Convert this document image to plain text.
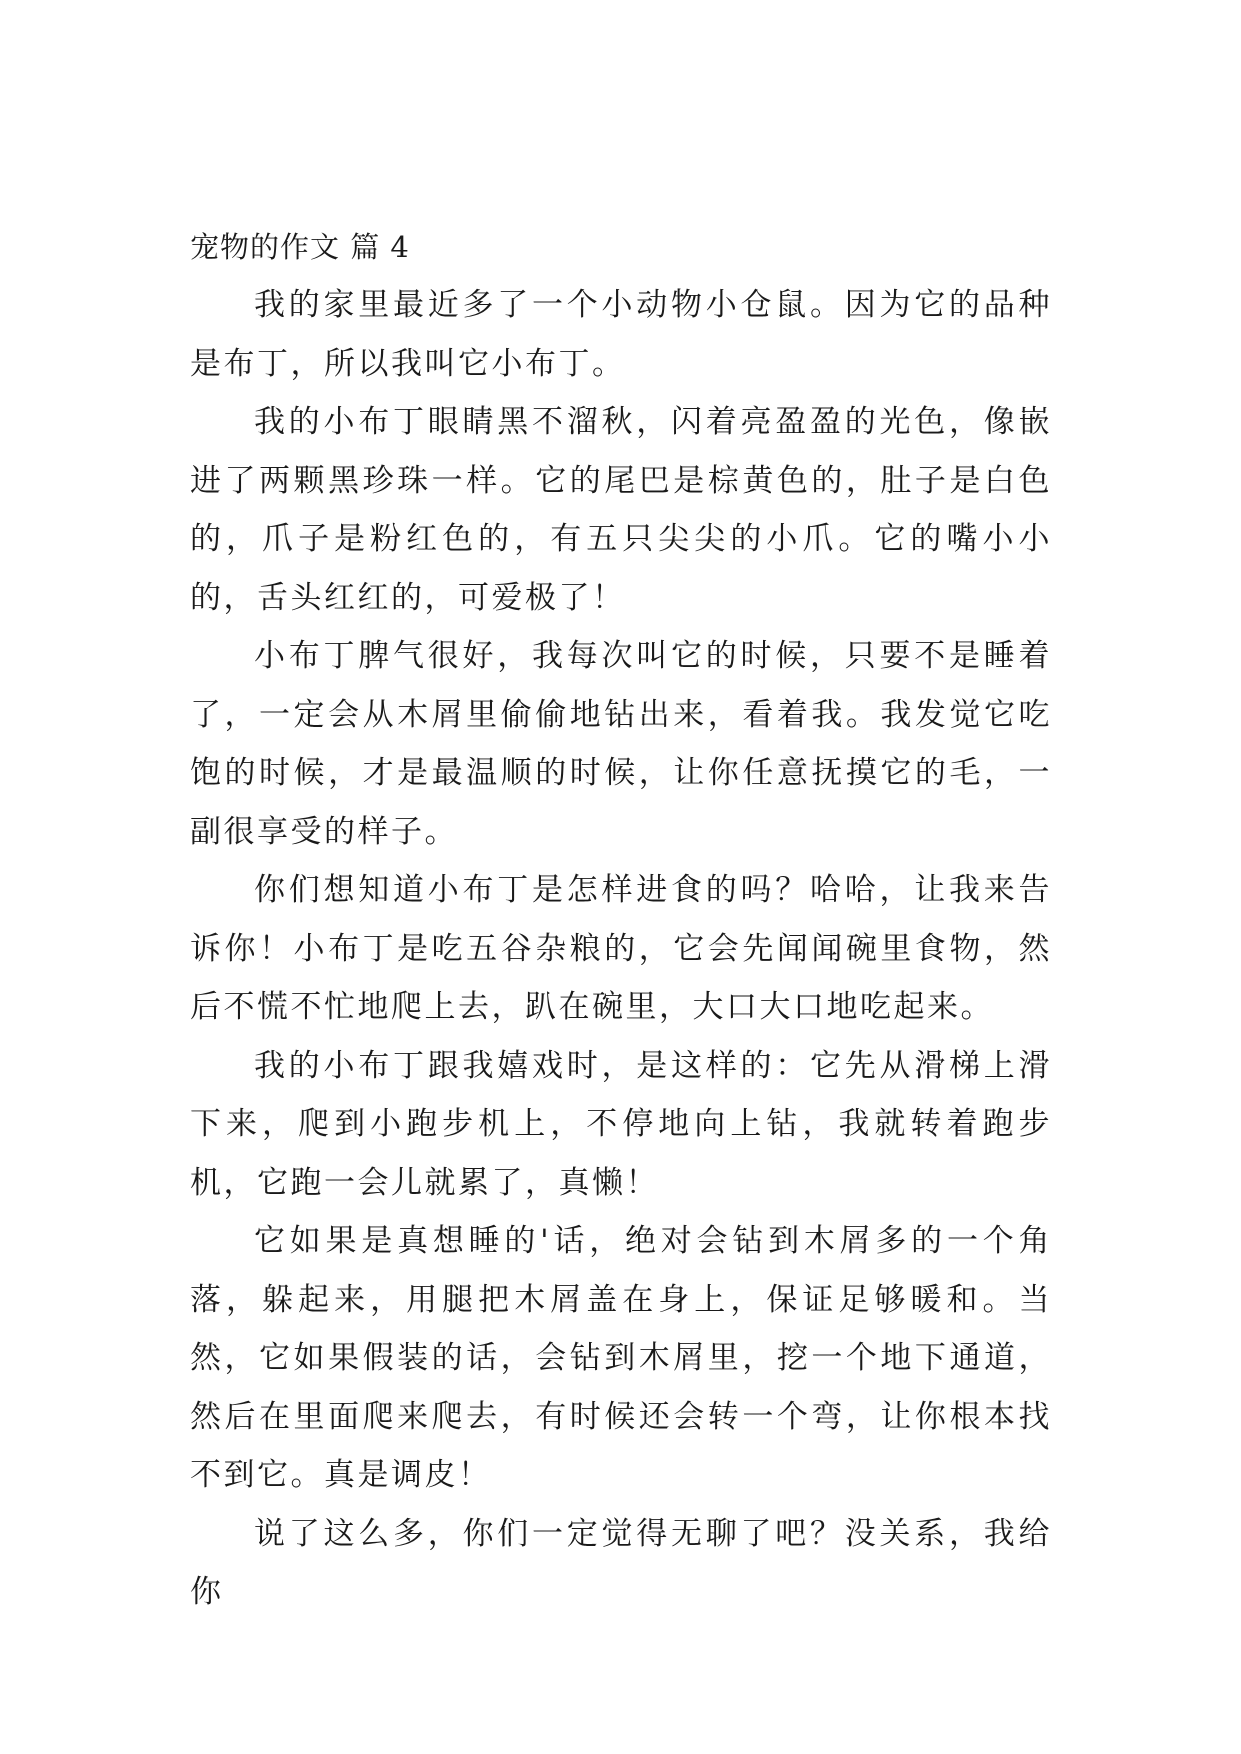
宠物的作文 篇 4

我的家里最近多了一个小动物小仓鼠。因为它的品种是布丁，所以我叫它小布丁。

我的小布丁眼睛黑不溜秋，闪着亮盈盈的光色，像嵌进了两颗黑珍珠一样。它的尾巴是棕黄色的，肚子是白色的，爪子是粉红色的，有五只尖尖的小爪。它的嘴小小的，舌头红红的，可爱极了！

小布丁脾气很好，我每次叫它的时候，只要不是睡着了，一定会从木屑里偷偷地钻出来，看着我。我发觉它吃饱的时候，才是最温顺的时候，让你任意抚摸它的毛，一副很享受的样子。

你们想知道小布丁是怎样进食的吗？哈哈，让我来告诉你！小布丁是吃五谷杂粮的，它会先闻闻碗里食物，然后不慌不忙地爬上去，趴在碗里，大口大口地吃起来。

我的小布丁跟我嬉戏时，是这样的：它先从滑梯上滑下来，爬到小跑步机上，不停地向上钻，我就转着跑步机，它跑一会儿就累了，真懒！

它如果是真想睡的'话，绝对会钻到木屑多的一个角落，躲起来，用腿把木屑盖在身上，保证足够暖和。当然，它如果假装的话，会钻到木屑里，挖一个地下通道，然后在里面爬来爬去，有时候还会转一个弯，让你根本找不到它。真是调皮！

说了这么多，你们一定觉得无聊了吧？没关系，我给你
